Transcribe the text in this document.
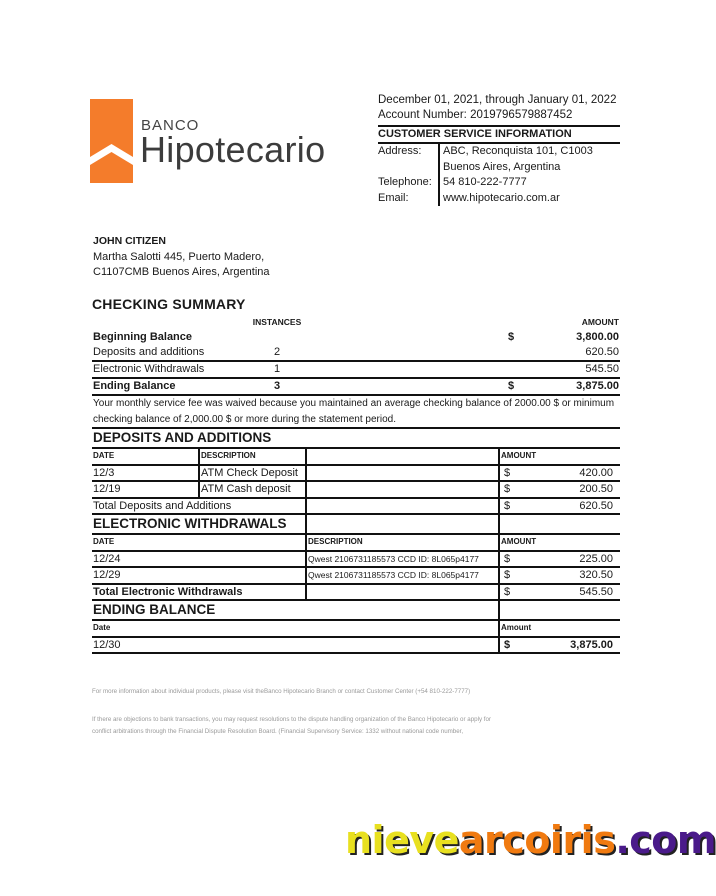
BANCO
Hipotecario
December 01, 2021, through January 01, 2022
Account Number: 2019796579887452
CUSTOMER SERVICE INFORMATION
Address:	ABC, Reconquista 101, C1003
Buenos Aires, Argentina

Telephone:	54 810-222-7777
Email:	www.hipotecario.com.ar
JOHN CITIZEN
Martha Salotti 445, Puerto Madero,
C1107CMB Buenos Aires, Argentina
CHECKING SUMMARY
	INSTANCES			AMOUNT
Beginning Balance			$	3,800.00
Deposits and additions	2			620.50
Electronic Withdrawals	1			545.50
Ending Balance	3		$	3,875.00
Your monthly service fee was waived because you maintained an average checking balance of 2000.00 $ or minimum checking balance of 2,000.00 $ or more during the statement period.
DEPOSITS AND ADDITIONS			
DATE	DESCRIPTION		AMOUNT
12/3	ATM Check Deposit		$ 420.00

12/19	ATM Cash deposit		$ 200.50

Total Deposits and Additions			$ 620.50
ELECTRONIC WITHDRAWALS		
DATE	DESCRIPTION	AMOUNT
12/24	Qwest 2106731185573 CCD ID: 8L065p4177	$ 225.00

12/29	Qwest 2106731185573 CCD ID: 8L065p4177	$ 320.50

Total Electronic Withdrawals		$ 545.50
ENDING BALANCE	
Date	Amount
12/30	$ 3,875.00
For more information about individual products, please visit theBanco Hipotecario Branch or contact Customer Center (+54 810-222-7777)
If there are objections to bank transactions, you may request resolutions to the dispute handling organization of the Banco Hipotecario or apply for
conflict arbitrations through the Financial Dispute Resolution Board. (Financial Supervisory Service: 1332 without national code number,
nievearcoiris.com
